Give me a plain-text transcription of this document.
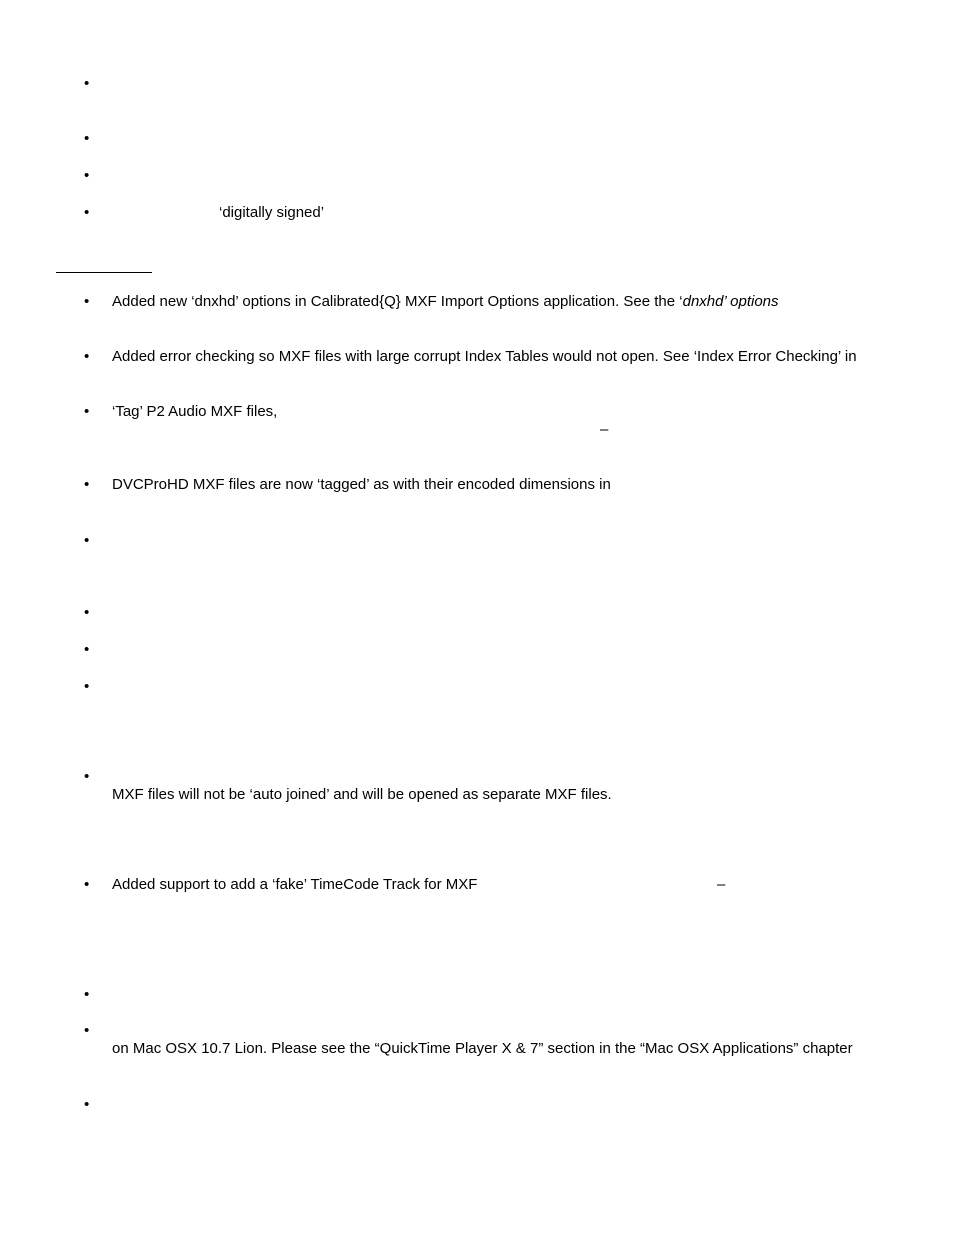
•
•
•
•
‘digitally signed’
•
Added new ‘dnxhd’ options in Calibrated{Q} MXF Import Options application. See the ‘dnxhd’ options
•
Added error checking so MXF files with large corrupt Index Tables would not open. See ‘Index Error Checking’ in
•
‘Tag’ P2 Audio MXF files,
–
•
DVCProHD MXF files are now ‘tagged’ as with their encoded dimensions in
•
•
•
•
•
MXF files will not be ‘auto joined’ and will be opened as separate MXF files.
•
Added support to add a ‘fake’ TimeCode Track for MXF	–
•
•
on Mac OSX 10.7 Lion. Please see the “QuickTime Player X & 7” section in the “Mac OSX Applications” chapter
•
